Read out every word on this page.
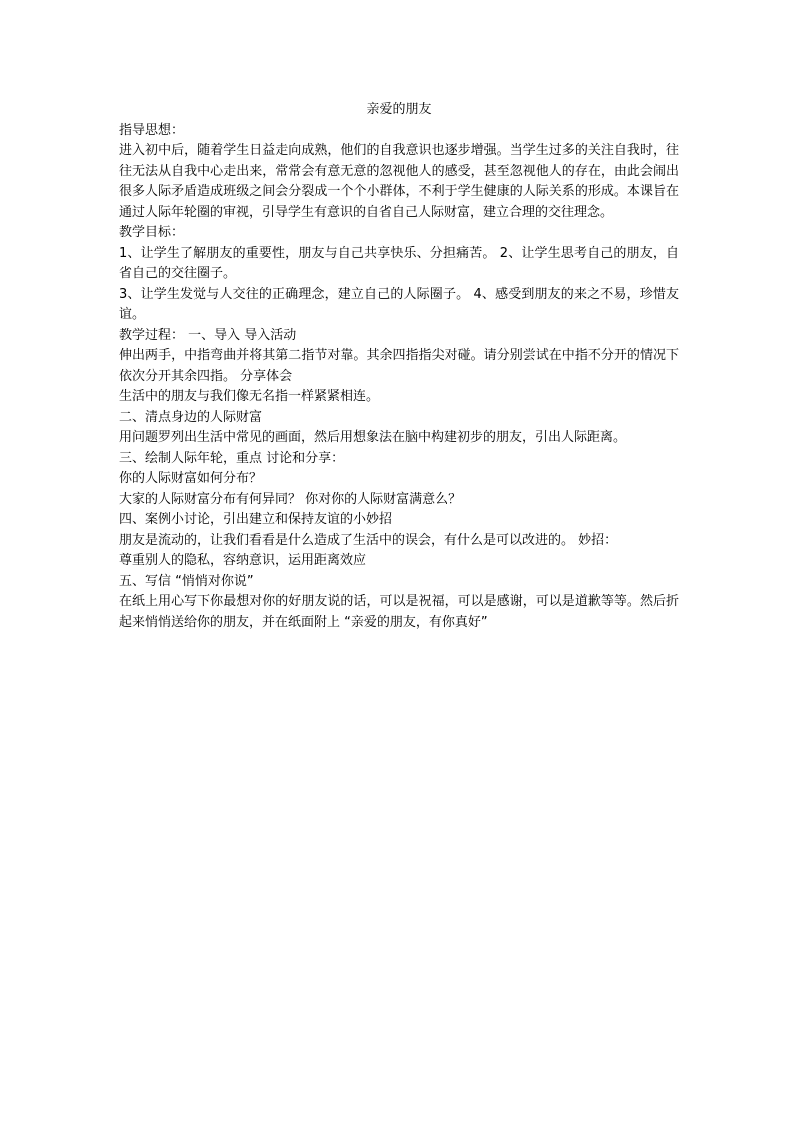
亲爱的朋友

指导思想：

进入初中后，随着学生日益走向成熟，他们的自我意识也逐步增强。当学生过多的关注自我时，往往无法从自我中心走出来，常常会有意无意的忽视他人的感受，甚至忽视他人的存在，由此会闹出很多人际矛盾造成班级之间会分裂成一个个小群体，不利于学生健康的人际关系的形成。本课旨在通过人际年轮圈的审视，引导学生有意识的自省自己人际财富，建立合理的交往理念。

教学目标：

1、让学生了解朋友的重要性，朋友与自己共享快乐、分担痛苦。 2、让学生思考自己的朋友，自省自己的交往圈子。

3、让学生发觉与人交往的正确理念，建立自己的人际圈子。 4、感受到朋友的来之不易，珍惜友谊。

教学过程： 一、导入 导入活动

伸出两手，中指弯曲并将其第二指节对靠。其余四指指尖对碰。请分别尝试在中指不分开的情况下依次分开其余四指。 分享体会

生活中的朋友与我们像无名指一样紧紧相连。

二、清点身边的人际财富

用问题罗列出生活中常见的画面，然后用想象法在脑中构建初步的朋友，引出人际距离。

三、绘制人际年轮，重点 讨论和分享：

你的人际财富如何分布？

大家的人际财富分布有何异同？ 你对你的人际财富满意么？

四、案例小讨论，引出建立和保持友谊的小妙招

朋友是流动的，让我们看看是什么造成了生活中的误会，有什么是可以改进的。 妙招：

尊重别人的隐私，容纳意识，运用距离效应

五、写信 “悄悄对你说”

在纸上用心写下你最想对你的好朋友说的话，可以是祝福，可以是感谢，可以是道歉等等。然后折起来悄悄送给你的朋友，并在纸面附上 “亲爱的朋友，有你真好”
